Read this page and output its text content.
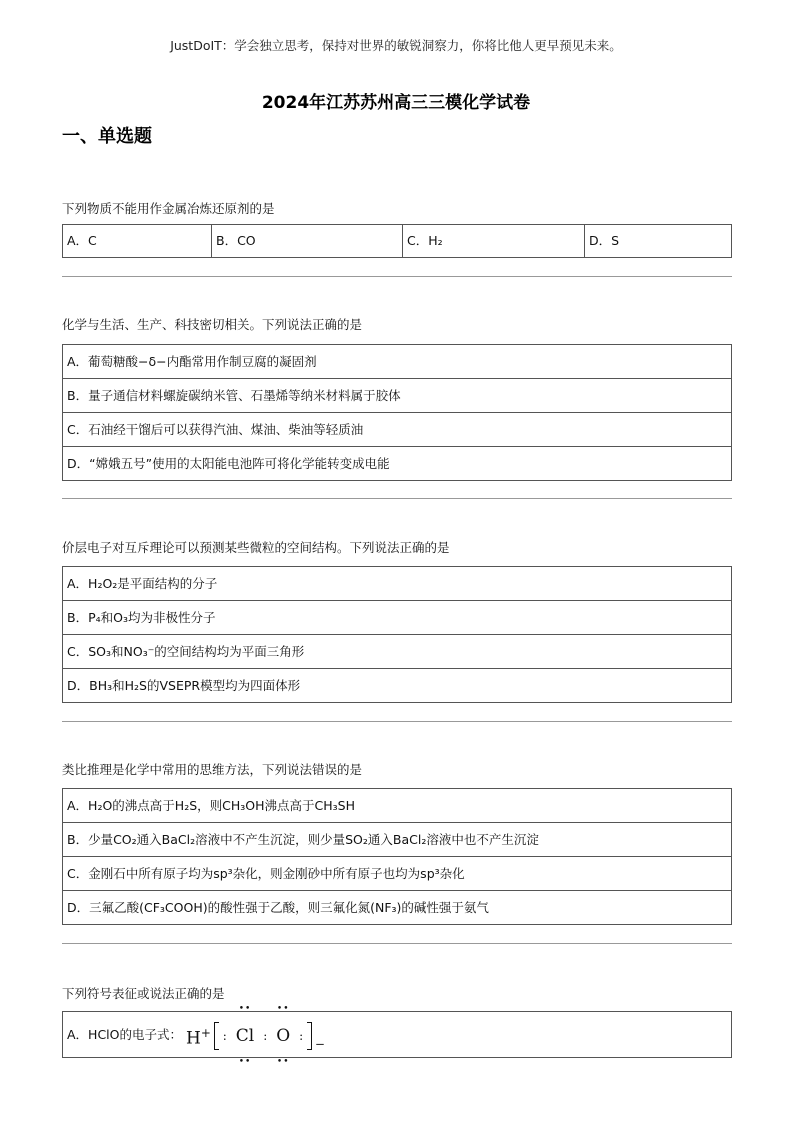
JustDoIT：学会独立思考，保持对世界的敏锐洞察力，你将比他人更早预见未来。
2024年江苏苏州高三三模化学试卷
一、单选题
下列物质不能用作金属冶炼还原剂的是
A．C	B．CO	C．H₂	D．S
化学与生活、生产、科技密切相关。下列说法正确的是
A．葡萄糖酸−δ−内酯常用作制豆腐的凝固剂
B．量子通信材料螺旋碳纳米管、石墨烯等纳米材料属于胶体
C．石油经干馏后可以获得汽油、煤油、柴油等轻质油
D．“嫦娥五号”使用的太阳能电池阵可将化学能转变成电能
价层电子对互斥理论可以预测某些微粒的空间结构。下列说法正确的是
A．H₂O₂是平面结构的分子
B．P₄和O₃均为非极性分子
C．SO₃和NO₃⁻的空间结构均为平面三角形
D．BH₃和H₂S的VSEPR模型均为四面体形
类比推理是化学中常用的思维方法，下列说法错误的是
A．H₂O的沸点高于H₂S，则CH₃OH沸点高于CH₃SH
B．少量CO₂通入BaCl₂溶液中不产生沉淀，则少量SO₂通入BaCl₂溶液中也不产生沉淀
C．金刚石中所有原子均为sp³杂化，则金刚砂中所有原子也均为sp³杂化
D．三氟乙酸(CF₃COOH)的酸性强于乙酸，则三氟化氮(NF₃)的碱性强于氨气
下列符号表征或说法正确的是
A．HClO的电子式： H+ :
••
Cl
••
:
••
O
••
:
$_-$
